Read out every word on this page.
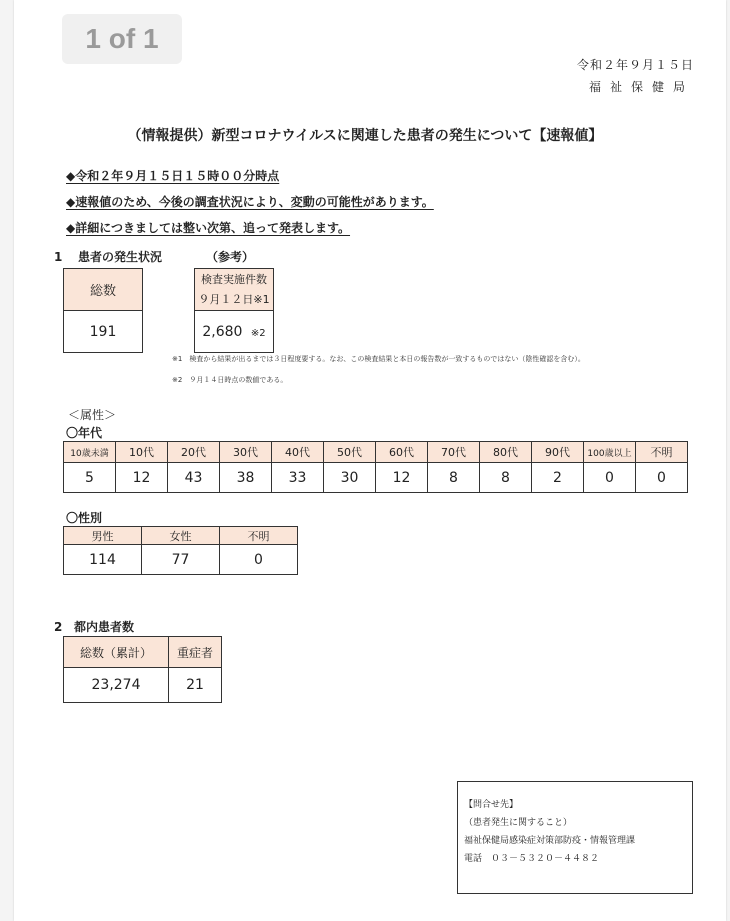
1 of 1
令和２年９月１５日
福祉保健局
（情報提供）新型コロナウイルスに関連した患者の発生について【速報値】
◆令和２年９月１５日１５時００分時点
◆速報値のため、今後の調査状況により、変動の可能性があります。
◆詳細につきましては整い次第、追って発表します。
1 患者の発生状況	（参考）
総数
191
検査実施件数
９月１２日※1

2,680 ※2
※1　検査から結果が出るまでは３日程度要する。なお、この検査結果と本日の報告数が一致するものではない（陰性確認を含む）。
※2　９月１４日時点の数値である。
＜属性＞
〇年代
10歳未満	10代	20代	30代	40代	50代	60代	70代	80代	90代	100歳以上	不明
5	12	43	38	33	30	12	8	8	2	0	0
〇性別
男性	女性	不明
114	77	0
2 都内患者数
総数（累計）	重症者
23,274	21
【問合せ先】
（患者発生に関すること）
福祉保健局感染症対策部防疫・情報管理課
電話　０３－５３２０－４４８２
